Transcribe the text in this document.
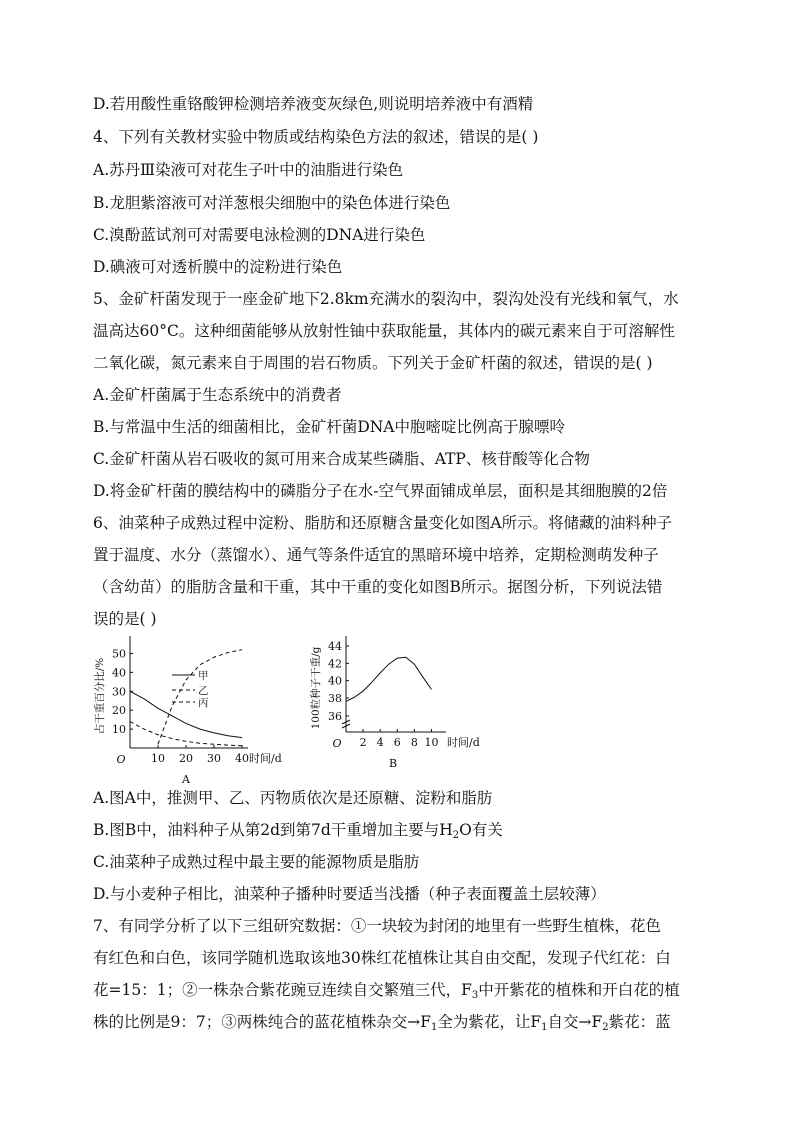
D.若用酸性重铬酸钾检测培养液变灰绿色,则说明培养液中有酒精
4、下列有关教材实验中物质或结构染色方法的叙述，错误的是( )
A.苏丹Ⅲ染液可对花生子叶中的油脂进行染色
B.龙胆紫溶液可对洋葱根尖细胞中的染色体进行染色
C.溴酚蓝试剂可对需要电泳检测的DNA进行染色
D.碘液可对透析膜中的淀粉进行染色
5、金矿杆菌发现于一座金矿地下2.8km充满水的裂沟中，裂沟处没有光线和氧气，水
温高达60°C。这种细菌能够从放射性铀中获取能量，其体内的碳元素来自于可溶解性
二氧化碳，氮元素来自于周围的岩石物质。下列关于金矿杆菌的叙述，错误的是( )
A.金矿杆菌属于生态系统中的消费者
B.与常温中生活的细菌相比，金矿杆菌DNA中胞嘧啶比例高于腺嘌呤
C.金矿杆菌从岩石吸收的氮可用来合成某些磷脂、ATP、核苷酸等化合物
D.将金矿杆菌的膜结构中的磷脂分子在水-空气界面铺成单层，面积是其细胞膜的2倍
6、油菜种子成熟过程中淀粉、脂肪和还原糖含量变化如图A所示。将储藏的油料种子
置于温度、水分（蒸馏水）、通气等条件适宜的黑暗环境中培养，定期检测萌发种子
（含幼苗）的脂肪含量和干重，其中干重的变化如图B所示。据图分析，下列说法错
误的是( )
10
20
30
40
50
10 20 30 40
O	时间/d
占干重百分比/%
A
甲
乙
丙
36
38
40
42
44
2 4 6 8 10
O	时间/d
100粒种子干重/g
B
A.图A中，推测甲、乙、丙物质依次是还原糖、淀粉和脂肪
B.图B中，油料种子从第2d到第7d干重增加主要与$H_2O$有关
C.油菜种子成熟过程中最主要的能源物质是脂肪
D.与小麦种子相比，油菜种子播种时要适当浅播（种子表面覆盖土层较薄）
7、有同学分析了以下三组研究数据：①一块较为封闭的地里有一些野生植株，花色
有红色和白色，该同学随机选取该地30株红花植株让其自由交配，发现子代红花：白
花=15：1；②一株杂合紫花豌豆连续自交繁殖三代，$F_3$中开紫花的植株和开白花的植
株的比例是9：7；③两株纯合的蓝花植株杂交$\to F_1$全为紫花，让$F_1$自交$\to F_2$紫花：蓝
